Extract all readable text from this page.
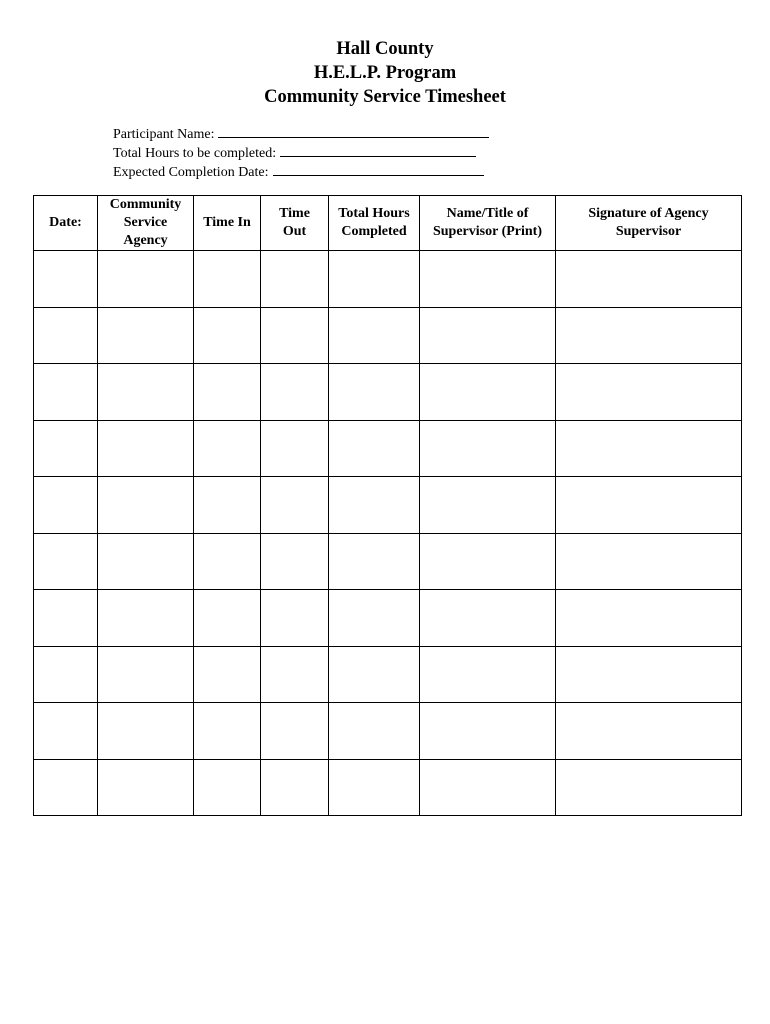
Hall County
H.E.L.P. Program
Community Service Timesheet
Participant Name:
Total Hours to be completed:
Expected Completion Date:
Date:	Community Service Agency	Time In	Time Out	Total Hours Completed	Name/Title of Supervisor (Print)	Signature of Agency Supervisor
